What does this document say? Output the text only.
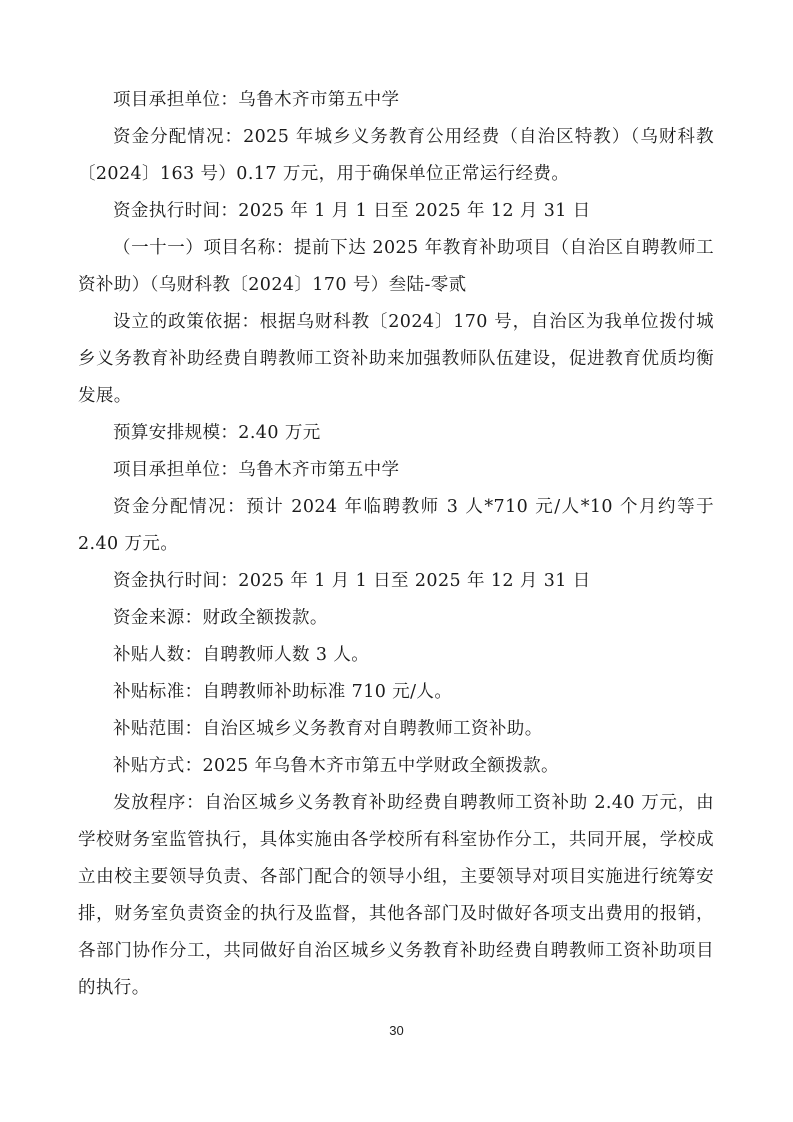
项目承担单位：乌鲁木齐市第五中学

资金分配情况：2025 年城乡义务教育公用经费（自治区特教）（乌财科教〔2024〕163 号）0.17 万元，用于确保单位正常运行经费。

资金执行时间：2025 年 1 月 1 日至 2025 年 12 月 31 日

（一十一）项目名称：提前下达 2025 年教育补助项目（自治区自聘教师工资补助）（乌财科教〔2024〕170 号）叁陆-零贰

设立的政策依据：根据乌财科教〔2024〕170 号，自治区为我单位拨付城乡义务教育补助经费自聘教师工资补助来加强教师队伍建设，促进教育优质均衡发展。

预算安排规模：2.40 万元

项目承担单位：乌鲁木齐市第五中学

资金分配情况：预计 2024 年临聘教师 3 人*710 元/人*10 个月约等于 2.40 万元。

资金执行时间：2025 年 1 月 1 日至 2025 年 12 月 31 日

资金来源：财政全额拨款。

补贴人数：自聘教师人数 3 人。

补贴标准：自聘教师补助标准 710 元/人。

补贴范围：自治区城乡义务教育对自聘教师工资补助。

补贴方式：2025 年乌鲁木齐市第五中学财政全额拨款。

发放程序：自治区城乡义务教育补助经费自聘教师工资补助 2.40 万元，由学校财务室监管执行，具体实施由各学校所有科室协作分工，共同开展，学校成立由校主要领导负责、各部门配合的领导小组，主要领导对项目实施进行统筹安排，财务室负责资金的执行及监督，其他各部门及时做好各项支出费用的报销，各部门协作分工，共同做好自治区城乡义务教育补助经费自聘教师工资补助项目的执行。

30
